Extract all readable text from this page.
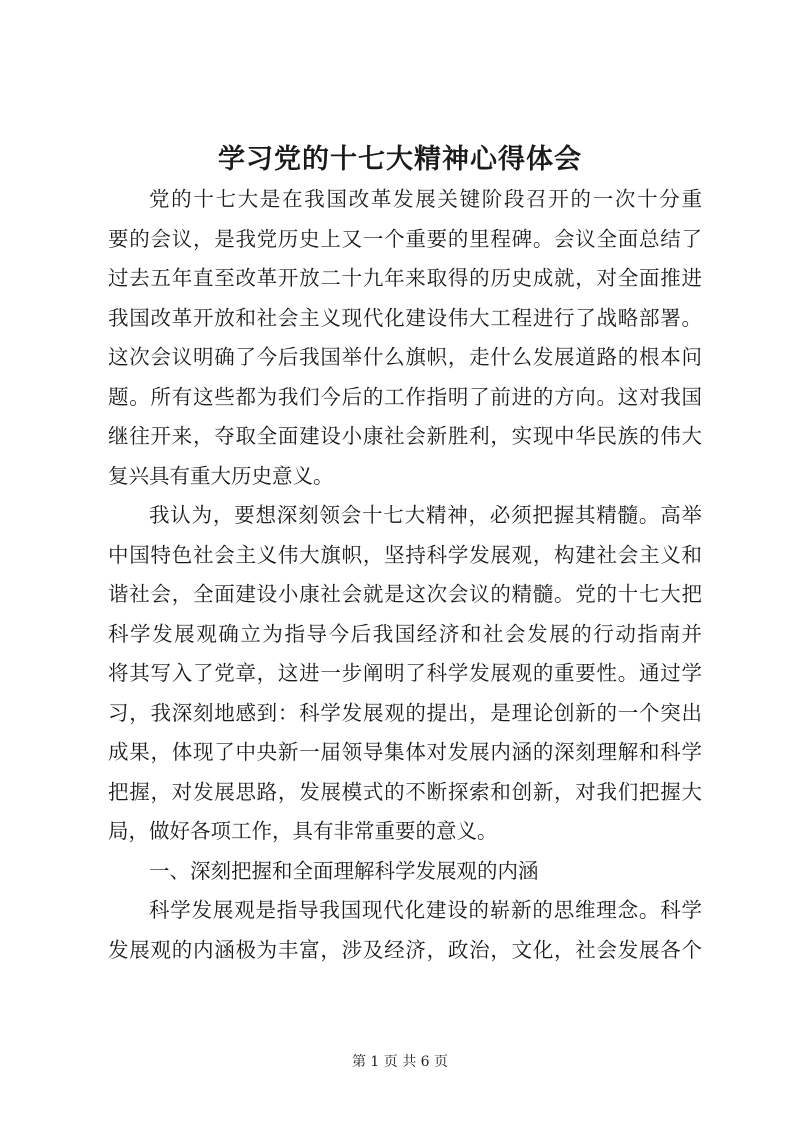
学习党的十七大精神心得体会
党的十七大是在我国改革发展关键阶段召开的一次十分重
要的会议，是我党历史上又一个重要的里程碑。会议全面总结了
过去五年直至改革开放二十九年来取得的历史成就，对全面推进
我国改革开放和社会主义现代化建设伟大工程进行了战略部署。
这次会议明确了今后我国举什么旗帜，走什么发展道路的根本问
题。所有这些都为我们今后的工作指明了前进的方向。这对我国
继往开来，夺取全面建设小康社会新胜利，实现中华民族的伟大
复兴具有重大历史意义。
我认为，要想深刻领会十七大精神，必须把握其精髓。高举
中国特色社会主义伟大旗帜，坚持科学发展观，构建社会主义和
谐社会，全面建设小康社会就是这次会议的精髓。党的十七大把
科学发展观确立为指导今后我国经济和社会发展的行动指南并
将其写入了党章，这进一步阐明了科学发展观的重要性。通过学
习，我深刻地感到：科学发展观的提出，是理论创新的一个突出
成果，体现了中央新一届领导集体对发展内涵的深刻理解和科学
把握，对发展思路，发展模式的不断探索和创新，对我们把握大
局，做好各项工作，具有非常重要的意义。
一、深刻把握和全面理解科学发展观的内涵
科学发展观是指导我国现代化建设的崭新的思维理念。科学
发展观的内涵极为丰富，涉及经济，政治，文化，社会发展各个
第 1 页 共 6 页
